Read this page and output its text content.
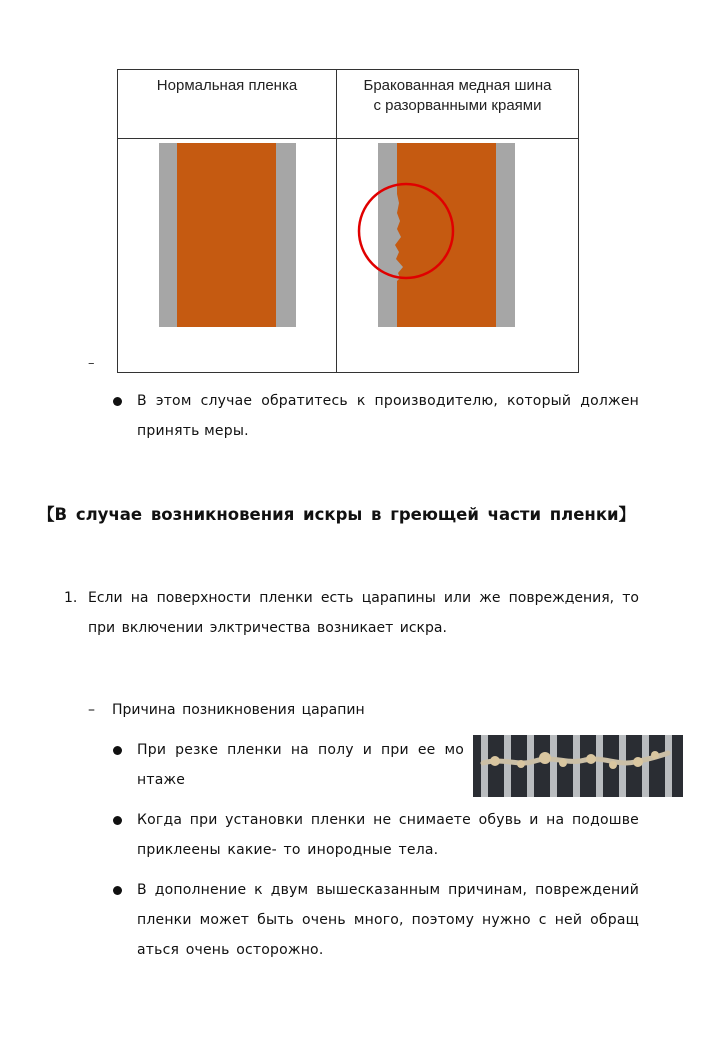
Нормальная пленка	Бракованная медная шина
с разорванными краями

–
В этом случае обратитесь к производителю, который должен
принять меры.
【В случае возникновения искры в греющей части пленки】
1. Если на поверхности пленки есть царапины или же повреждения, то
при включении элктричества возникает искра.
– Причина позникновения царапин
При резке пленки на полу и при ее мо
нтаже
Когда при установки пленки не снимаете обувь и на подошве
приклеены какие- то инородные тела.
В дополнение к двум вышесказанным причинам, повреждений
пленки может быть очень много, поэтому нужно с ней обращ
аться очень осторожно.
